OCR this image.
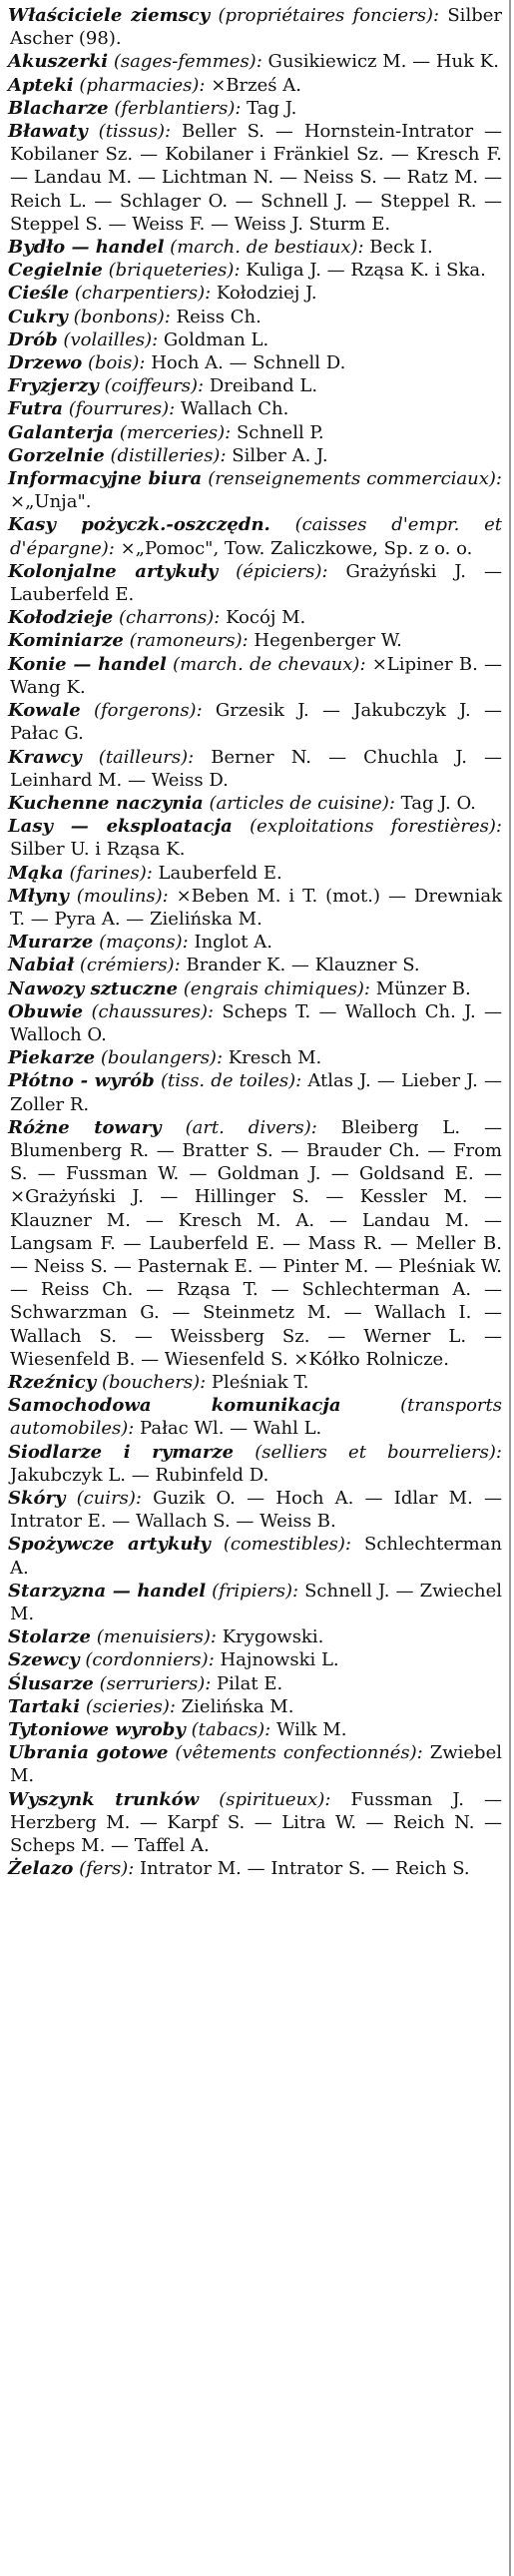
Właściciele ziemscy (propriétaires fonciers): Silber Ascher (98).

Akuszerki (sages-femmes): Gusikiewicz M. — Huk K.

Apteki (pharmacies): ×Brześ A.

Blacharze (ferblantiers): Tag J.

Bławaty (tissus): Beller S. — Hornstein-Intrator — Kobilaner Sz. — Kobilaner i Fränkiel Sz. — Kresch F. — Landau M. — Lichtman N. — Neiss S. — Ratz M. — Reich L. — Schlager O. — Schnell J. — Steppel R. — Steppel S. — Weiss F. — Weiss J. Sturm E.

Bydło — handel (march. de bestiaux): Beck I.

Cegielnie (briqueteries): Kuliga J. — Rząsa K. i Ska.

Cieśle (charpentiers): Kołodziej J.

Cukry (bonbons): Reiss Ch.

Drób (volailles): Goldman L.

Drzewo (bois): Hoch A. — Schnell D.

Fryzjerzy (coiffeurs): Dreiband L.

Futra (fourrures): Wallach Ch.

Galanterja (merceries): Schnell P.

Gorzelnie (distilleries): Silber A. J.

Informacyjne biura (renseignements commerciaux): ×„Unja".

Kasy pożyczk.-oszczędn. (caisses d'empr. et d'épargne): ×„Pomoc", Tow. Zaliczkowe, Sp. z o. o.

Kolonjalne artykuły (épiciers): Grażyński J. — Lauberfeld E.

Kołodzieje (charrons): Kocój M.

Kominiarze (ramoneurs): Hegenberger W.

Konie — handel (march. de chevaux): ×Lipiner B. — Wang K.

Kowale (forgerons): Grzesik J. — Jakubczyk J. — Pałac G.

Krawcy (tailleurs): Berner N. — Chuchla J. — Leinhard M. — Weiss D.

Kuchenne naczynia (articles de cuisine): Tag J. O.

Lasy — eksploatacja (exploitations forestières): Silber U. i Rząsa K.

Mąka (farines): Lauberfeld E.

Młyny (moulins): ×Beben M. i T. (mot.) — Drewniak T. — Pyra A. — Zielińska M.

Murarze (maçons): Inglot A.

Nabiał (crémiers): Brander K. — Klauzner S.

Nawozy sztuczne (engrais chimiques): Münzer B.

Obuwie (chaussures): Scheps T. — Walloch Ch. J. — Walloch O.

Piekarze (boulangers): Kresch M.

Płótno - wyrób (tiss. de toiles): Atlas J. — Lieber J. — Zoller R.

Różne towary (art. divers): Bleiberg L. — Blumenberg R. — Bratter S. — Brauder Ch. — From S. — Fussman W. — Goldman J. — Goldsand E. — ×Grażyński J. — Hillinger S. — Kessler M. — Klauzner M. — Kresch M. A. — Landau M. — Langsam F. — Lauberfeld E. — Mass R. — Meller B. — Neiss S. — Pasternak E. — Pinter M. — Pleśniak W. — Reiss Ch. — Rząsa T. — Schlechterman A. — Schwarzman G. — Steinmetz M. — Wallach I. — Wallach S. — Weissberg Sz. — Werner L. — Wiesenfeld B. — Wiesenfeld S. ×Kółko Rolnicze.

Rzeźnicy (bouchers): Pleśniak T.

Samochodowa komunikacja	(transports automobiles): Pałac Wl. — Wahl L.

Siodlarze i rymarze (selliers et bourreliers): Jakubczyk L. — Rubinfeld D.

Skóry (cuirs): Guzik O. — Hoch A. — Idlar M. — Intrator E. — Wallach S. — Weiss B.

Spożywcze artykuły (comestibles): Schlechterman A.

Starzyzna — handel (fripiers): Schnell J. — Zwiechel M.

Stolarze (menuisiers): Krygowski.

Szewcy (cordonniers): Hajnowski L.

Ślusarze (serruriers): Pilat E.

Tartaki (scieries): Zielińska M.

Tytoniowe wyroby (tabacs): Wilk M.

Ubrania gotowe (vêtements confectionnés): Zwiebel M.

Wyszynk trunków (spiritueux): Fussman J. — Herzberg M. — Karpf S. — Litra W. — Reich N. — Scheps M. — Taffel A.

Żelazo (fers): Intrator M. — Intrator S. — Reich S.
